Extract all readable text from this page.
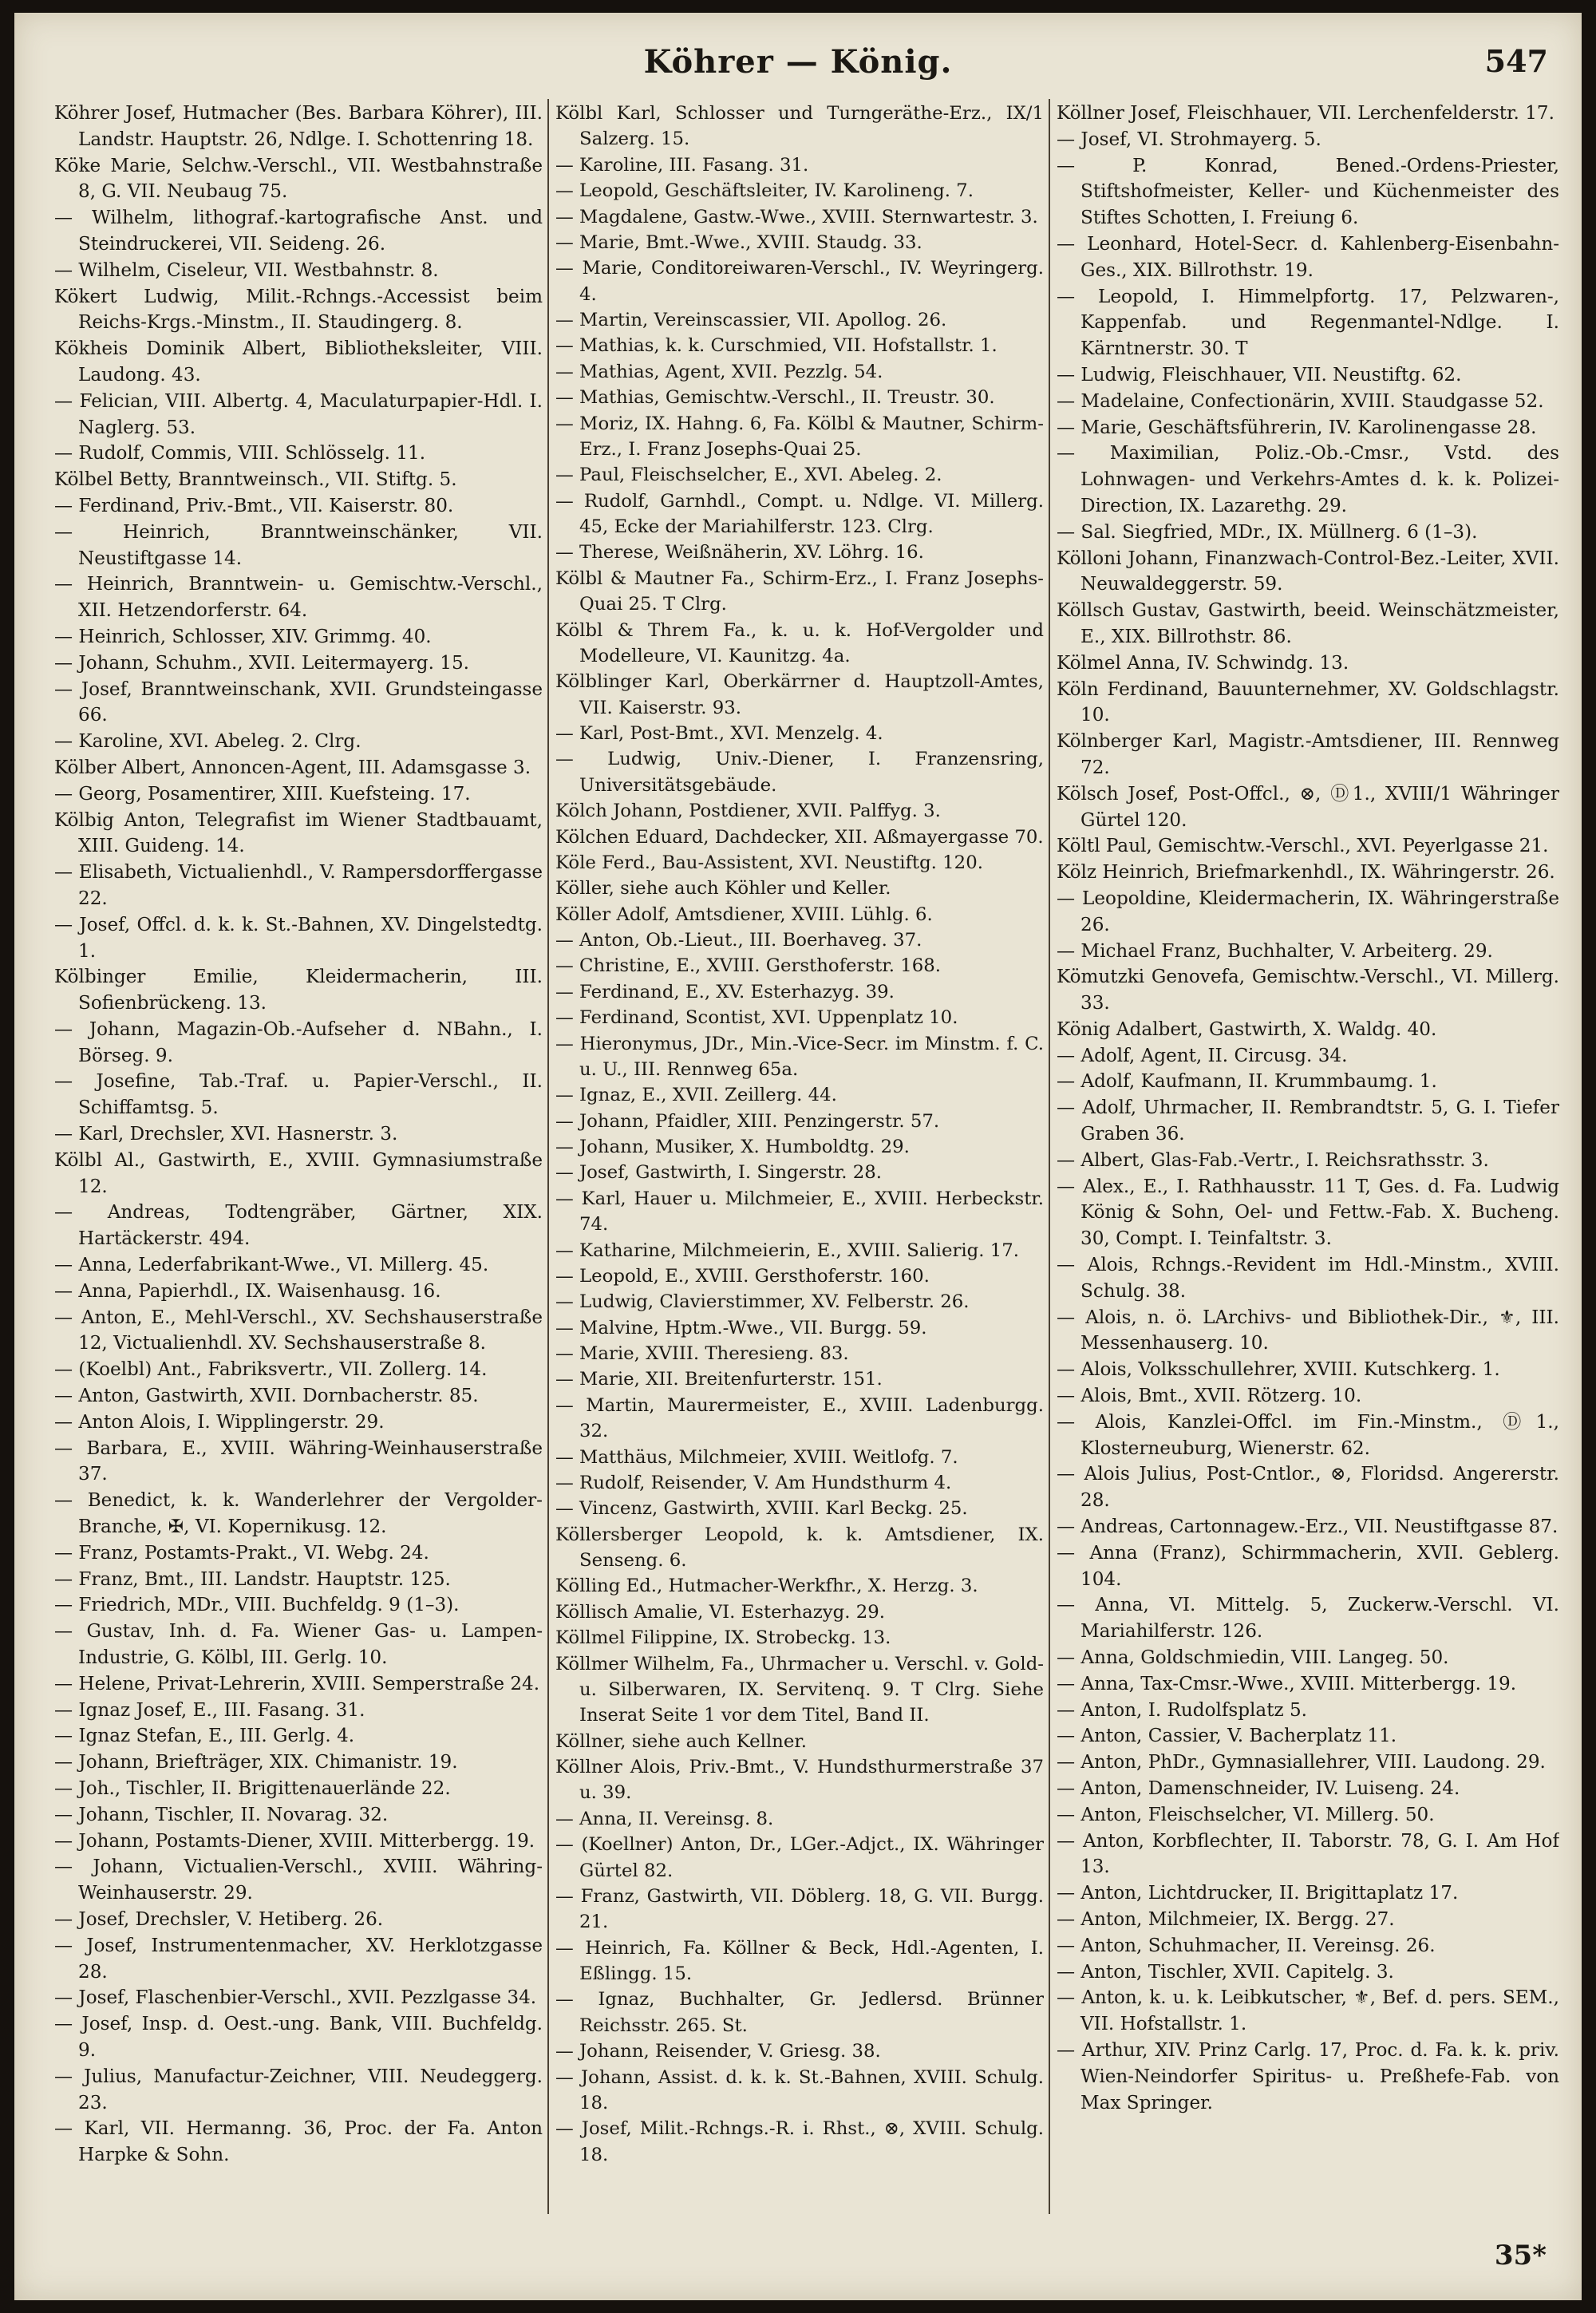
Köhrer — König.	547

Köhrer Josef, Hutmacher (Bes. Barbara Köhrer), III. Landstr. Hauptstr. 26, Ndlge. I. Schottenring 18.

Köke Marie, Selchw.-Verschl., VII. Westbahnstraße 8, G. VII. Neubaug 75.

— Wilhelm, lithograf.-kartografische Anst. und Steindruckerei, VII. Seideng. 26.

— Wilhelm, Ciseleur, VII. Westbahnstr. 8.

Kökert Ludwig, Milit.-Rchngs.-Accessist beim Reichs-Krgs.-Minstm., II. Staudingerg. 8.

Kökheis Dominik Albert, Bibliotheksleiter, VIII. Laudong. 43.

— Felician, VIII. Albertg. 4, Maculaturpapier-Hdl. I. Naglerg. 53.

— Rudolf, Commis, VIII. Schlösselg. 11.

Kölbel Betty, Branntweinsch., VII. Stiftg. 5.

— Ferdinand, Priv.-Bmt., VII. Kaiserstr. 80.

— Heinrich, Branntweinschänker, VII. Neustiftgasse 14.

— Heinrich, Branntwein- u. Gemischtw.-Verschl., XII. Hetzendorferstr. 64.

— Heinrich, Schlosser, XIV. Grimmg. 40.

— Johann, Schuhm., XVII. Leitermayerg. 15.

— Josef, Branntweinschank, XVII. Grundsteingasse 66.

— Karoline, XVI. Abeleg. 2. Clrg.

Kölber Albert, Annoncen-Agent, III. Adamsgasse 3.

— Georg, Posamentirer, XIII. Kuefsteing. 17.

Kölbig Anton, Telegrafist im Wiener Stadtbauamt, XIII. Guideng. 14.

— Elisabeth, Victualienhdl., V. Rampersdorffergasse 22.

— Josef, Offcl. d. k. k. St.-Bahnen, XV. Dingelstedtg. 1.

Kölbinger Emilie, Kleidermacherin, III. Sofienbrückeng. 13.

— Johann, Magazin-Ob.-Aufseher d. NBahn., I. Börseg. 9.

— Josefine, Tab.-Traf. u. Papier-Verschl., II. Schiffamtsg. 5.

— Karl, Drechsler, XVI. Hasnerstr. 3.

Kölbl Al., Gastwirth, E., XVIII. Gymnasiumstraße 12.

— Andreas, Todtengräber, Gärtner, XIX. Hartäckerstr. 494.

— Anna, Lederfabrikant-Wwe., VI. Millerg. 45.

— Anna, Papierhdl., IX. Waisenhausg. 16.

— Anton, E., Mehl-Verschl., XV. Sechshauserstraße 12, Victualienhdl. XV. Sechshauserstraße 8.

— (Koelbl) Ant., Fabriksvertr., VII. Zollerg. 14.

— Anton, Gastwirth, XVII. Dornbacherstr. 85.

— Anton Alois, I. Wipplingerstr. 29.

— Barbara, E., XVIII. Währing-Weinhauserstraße 37.

— Benedict, k. k. Wanderlehrer der Vergolder-Branche, ✠, VI. Kopernikusg. 12.

— Franz, Postamts-Prakt., VI. Webg. 24.

— Franz, Bmt., III. Landstr. Hauptstr. 125.

— Friedrich, MDr., VIII. Buchfeldg. 9 (1–3).

— Gustav, Inh. d. Fa. Wiener Gas- u. Lampen-Industrie, G. Kölbl, III. Gerlg. 10.

— Helene, Privat-Lehrerin, XVIII. Semperstraße 24.

— Ignaz Josef, E., III. Fasang. 31.

— Ignaz Stefan, E., III. Gerlg. 4.

— Johann, Briefträger, XIX. Chimanistr. 19.

— Joh., Tischler, II. Brigittenauerlände 22.

— Johann, Tischler, II. Novarag. 32.

— Johann, Postamts-Diener, XVIII. Mitterbergg. 19.

— Johann, Victualien-Verschl., XVIII. Währing-Weinhauserstr. 29.

— Josef, Drechsler, V. Hetiberg. 26.

— Josef, Instrumentenmacher, XV. Herklotzgasse 28.

— Josef, Flaschenbier-Verschl., XVII. Pezzlgasse 34.

— Josef, Insp. d. Oest.-ung. Bank, VIII. Buchfeldg. 9.

— Julius, Manufactur-Zeichner, VIII. Neudeggerg. 23.

— Karl, VII. Hermanng. 36, Proc. der Fa. Anton Harpke & Sohn.

Kölbl Karl, Schlosser und Turngeräthe-Erz., IX/1 Salzerg. 15.

— Karoline, III. Fasang. 31.

— Leopold, Geschäftsleiter, IV. Karolineng. 7.

— Magdalene, Gastw.-Wwe., XVIII. Sternwartestr. 3.

— Marie, Bmt.-Wwe., XVIII. Staudg. 33.

— Marie, Conditoreiwaren-Verschl., IV. Weyringerg. 4.

— Martin, Vereinscassier, VII. Apollog. 26.

— Mathias, k. k. Curschmied, VII. Hofstallstr. 1.

— Mathias, Agent, XVII. Pezzlg. 54.

— Mathias, Gemischtw.-Verschl., II. Treustr. 30.

— Moriz, IX. Hahng. 6, Fa. Kölbl & Mautner, Schirm-Erz., I. Franz Josephs-Quai 25.

— Paul, Fleischselcher, E., XVI. Abeleg. 2.

— Rudolf, Garnhdl., Compt. u. Ndlge. VI. Millerg. 45, Ecke der Mariahilferstr. 123. Clrg.

— Therese, Weißnäherin, XV. Löhrg. 16.

Kölbl & Mautner Fa., Schirm-Erz., I. Franz Josephs-Quai 25. T Clrg.

Kölbl & Threm Fa., k. u. k. Hof-Vergolder und Modelleure, VI. Kaunitzg. 4a.

Kölblinger Karl, Oberkärrner d. Hauptzoll-Amtes, VII. Kaiserstr. 93.

— Karl, Post-Bmt., XVI. Menzelg. 4.

— Ludwig, Univ.-Diener, I. Franzensring, Universitätsgebäude.

Kölch Johann, Postdiener, XVII. Palffyg. 3.

Kölchen Eduard, Dachdecker, XII. Aßmayergasse 70.

Köle Ferd., Bau-Assistent, XVI. Neustiftg. 120.

Köller, siehe auch Köhler und Keller.

Köller Adolf, Amtsdiener, XVIII. Lühlg. 6.

— Anton, Ob.-Lieut., III. Boerhaveg. 37.

— Christine, E., XVIII. Gersthoferstr. 168.

— Ferdinand, E., XV. Esterhazyg. 39.

— Ferdinand, Scontist, XVI. Uppenplatz 10.

— Hieronymus, JDr., Min.-Vice-Secr. im Minstm. f. C. u. U., III. Rennweg 65a.

— Ignaz, E., XVII. Zeillerg. 44.

— Johann, Pfaidler, XIII. Penzingerstr. 57.

— Johann, Musiker, X. Humboldtg. 29.

— Josef, Gastwirth, I. Singerstr. 28.

— Karl, Hauer u. Milchmeier, E., XVIII. Herbeckstr. 74.

— Katharine, Milchmeierin, E., XVIII. Salierig. 17.

— Leopold, E., XVIII. Gersthoferstr. 160.

— Ludwig, Clavierstimmer, XV. Felberstr. 26.

— Malvine, Hptm.-Wwe., VII. Burgg. 59.

— Marie, XVIII. Theresieng. 83.

— Marie, XII. Breitenfurterstr. 151.

— Martin, Maurermeister, E., XVIII. Ladenburgg. 32.

— Matthäus, Milchmeier, XVIII. Weitlofg. 7.

— Rudolf, Reisender, V. Am Hundsthurm 4.

— Vincenz, Gastwirth, XVIII. Karl Beckg. 25.

Köllersberger Leopold, k. k. Amtsdiener, IX. Senseng. 6.

Kölling Ed., Hutmacher-Werkfhr., X. Herzg. 3.

Köllisch Amalie, VI. Esterhazyg. 29.

Köllmel Filippine, IX. Strobeckg. 13.

Köllmer Wilhelm, Fa., Uhrmacher u. Verschl. v. Gold- u. Silberwaren, IX. Servitenq. 9. T Clrg. Siehe Inserat Seite 1 vor dem Titel, Band II.

Köllner, siehe auch Kellner.

Köllner Alois, Priv.-Bmt., V. Hundsthurmerstraße 37 u. 39.

— Anna, II. Vereinsg. 8.

— (Koellner) Anton, Dr., LGer.-Adjct., IX. Währinger Gürtel 82.

— Franz, Gastwirth, VII. Döblerg. 18, G. VII. Burgg. 21.

— Heinrich, Fa. Köllner & Beck, Hdl.-Agenten, I. Eßlingg. 15.

— Ignaz, Buchhalter, Gr. Jedlersd. Brünner Reichsstr. 265. St.

— Johann, Reisender, V. Griesg. 38.

— Johann, Assist. d. k. k. St.-Bahnen, XVIII. Schulg. 18.

— Josef, Milit.-Rchngs.-R. i. Rhst., ⊗, XVIII. Schulg. 18.

Köllner Josef, Fleischhauer, VII. Lerchenfelderstr. 17.

— Josef, VI. Strohmayerg. 5.

— P. Konrad, Bened.-Ordens-Priester, Stiftshofmeister, Keller- und Küchenmeister des Stiftes Schotten, I. Freiung 6.

— Leonhard, Hotel-Secr. d. Kahlenberg-Eisenbahn-Ges., XIX. Billrothstr. 19.

— Leopold, I. Himmelpfortg. 17, Pelzwaren-, Kappenfab. und Regenmantel-Ndlge. I. Kärntnerstr. 30. T

— Ludwig, Fleischhauer, VII. Neustiftg. 62.

— Madelaine, Confectionärin, XVIII. Staudgasse 52.

— Marie, Geschäftsführerin, IV. Karolinengasse 28.

— Maximilian, Poliz.-Ob.-Cmsr., Vstd. des Lohnwagen- und Verkehrs-Amtes d. k. k. Polizei-Direction, IX. Lazarethg. 29.

— Sal. Siegfried, MDr., IX. Müllnerg. 6 (1–3).

Kölloni Johann, Finanzwach-Control-Bez.-Leiter, XVII. Neuwaldeggerstr. 59.

Köllsch Gustav, Gastwirth, beeid. Weinschätzmeister, E., XIX. Billrothstr. 86.

Kölmel Anna, IV. Schwindg. 13.

Köln Ferdinand, Bauunternehmer, XV. Goldschlagstr. 10.

Kölnberger Karl, Magistr.-Amtsdiener, III. Rennweg 72.

Kölsch Josef, Post-Offcl., ⊗, Ⓓ1., XVIII/1 Währinger Gürtel 120.

Költl Paul, Gemischtw.-Verschl., XVI. Peyerlgasse 21.

Kölz Heinrich, Briefmarkenhdl., IX. Währingerstr. 26.

— Leopoldine, Kleidermacherin, IX. Währingerstraße 26.

— Michael Franz, Buchhalter, V. Arbeiterg. 29.

Kömutzki Genovefa, Gemischtw.-Verschl., VI. Millerg. 33.

König Adalbert, Gastwirth, X. Waldg. 40.

— Adolf, Agent, II. Circusg. 34.

— Adolf, Kaufmann, II. Krummbaumg. 1.

— Adolf, Uhrmacher, II. Rembrandtstr. 5, G. I. Tiefer Graben 36.

— Albert, Glas-Fab.-Vertr., I. Reichsrathsstr. 3.

— Alex., E., I. Rathhausstr. 11 T, Ges. d. Fa. Ludwig König & Sohn, Oel- und Fettw.-Fab. X. Bucheng. 30, Compt. I. Teinfaltstr. 3.

— Alois, Rchngs.-Revident im Hdl.-Minstm., XVIII. Schulg. 38.

— Alois, n. ö. LArchivs- und Bibliothek-Dir., ⚜, III. Messenhauserg. 10.

— Alois, Volksschullehrer, XVIII. Kutschkerg. 1.

— Alois, Bmt., XVII. Rötzerg. 10.

— Alois, Kanzlei-Offcl. im Fin.-Minstm., Ⓓ1., Klosterneuburg, Wienerstr. 62.

— Alois Julius, Post-Cntlor., ⊗, Floridsd. Angererstr. 28.

— Andreas, Cartonnagew.-Erz., VII. Neustiftgasse 87.

— Anna (Franz), Schirmmacherin, XVII. Geblerg. 104.

— Anna, VI. Mittelg. 5, Zuckerw.-Verschl. VI. Mariahilferstr. 126.

— Anna, Goldschmiedin, VIII. Langeg. 50.

— Anna, Tax-Cmsr.-Wwe., XVIII. Mitterbergg. 19.

— Anton, I. Rudolfsplatz 5.

— Anton, Cassier, V. Bacherplatz 11.

— Anton, PhDr., Gymnasiallehrer, VIII. Laudong. 29.

— Anton, Damenschneider, IV. Luiseng. 24.

— Anton, Fleischselcher, VI. Millerg. 50.

— Anton, Korbflechter, II. Taborstr. 78, G. I. Am Hof 13.

— Anton, Lichtdrucker, II. Brigittaplatz 17.

— Anton, Milchmeier, IX. Bergg. 27.

— Anton, Schuhmacher, II. Vereinsg. 26.

— Anton, Tischler, XVII. Capitelg. 3.

— Anton, k. u. k. Leibkutscher, ⚜, Bef. d. pers. SEM., VII. Hofstallstr. 1.

— Arthur, XIV. Prinz Carlg. 17, Proc. d. Fa. k. k. priv. Wien-Neindorfer Spiritus- u. Preßhefe-Fab. von Max Springer.

35*
